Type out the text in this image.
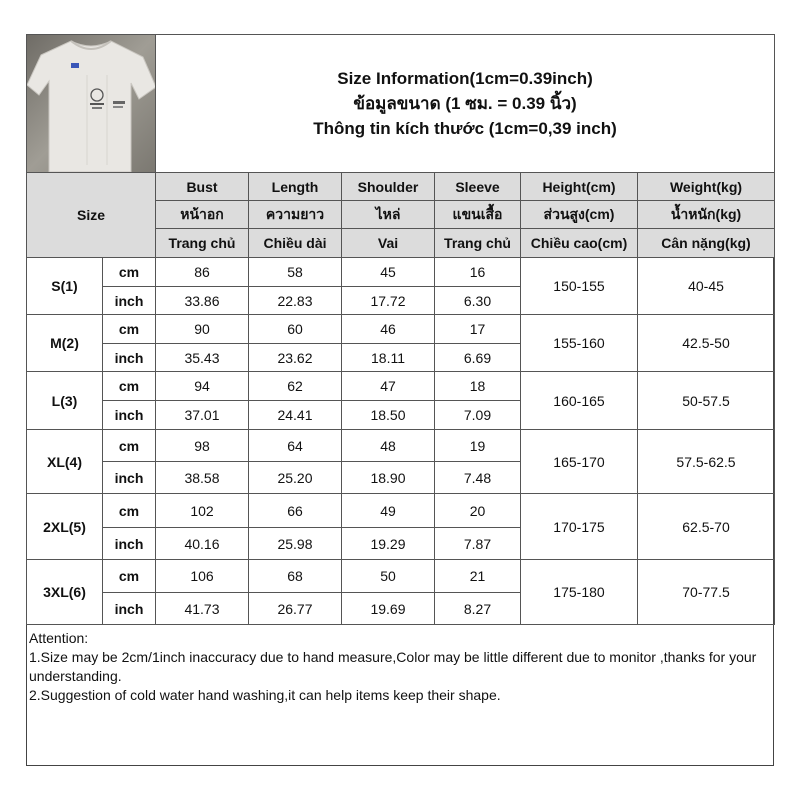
Size Information(1cm=0.39inch)
ข้อมูลขนาด (1 ซม. = 0.39 นิ้ว)
Thông tin kích thước (1cm=0,39 inch)					

Size		Bust	Length	Shoulder	Sleeve	Height(cm)	Weight(kg)
		หน้าอก	ความยาว	ไหล่	แขนเสื้อ	ส่วนสูง(cm)	น้ำหนัก(kg)
		Trang chủ	Chiều dài	Vai	Trang chủ	Chiều cao(cm)	Cân nặng(kg)
S(1)	cm	86	58	45	16	150-155	40-45
	inch	33.86	22.83	17.72	6.30		
M(2)	cm	90	60	46	17	155-160	42.5-50
	inch	35.43	23.62	18.11	6.69		
L(3)	cm	94	62	47	18	160-165	50-57.5
	inch	37.01	24.41	18.50	7.09		
XL(4)	cm	98	64	48	19	165-170	57.5-62.5
	inch	38.58	25.20	18.90	7.48		
2XL(5)	cm	102	66	49	20	170-175	62.5-70
	inch	40.16	25.98	19.29	7.87		
3XL(6)	cm	106	68	50	21	175-180	70-77.5
	inch	41.73	26.77	19.69	8.27		
Attention:
1.Size may be 2cm/1inch inaccuracy due to hand measure,Color may be little different due to monitor ,thanks for your understanding.
2.Suggestion of cold water hand washing,it can help items keep their shape.
